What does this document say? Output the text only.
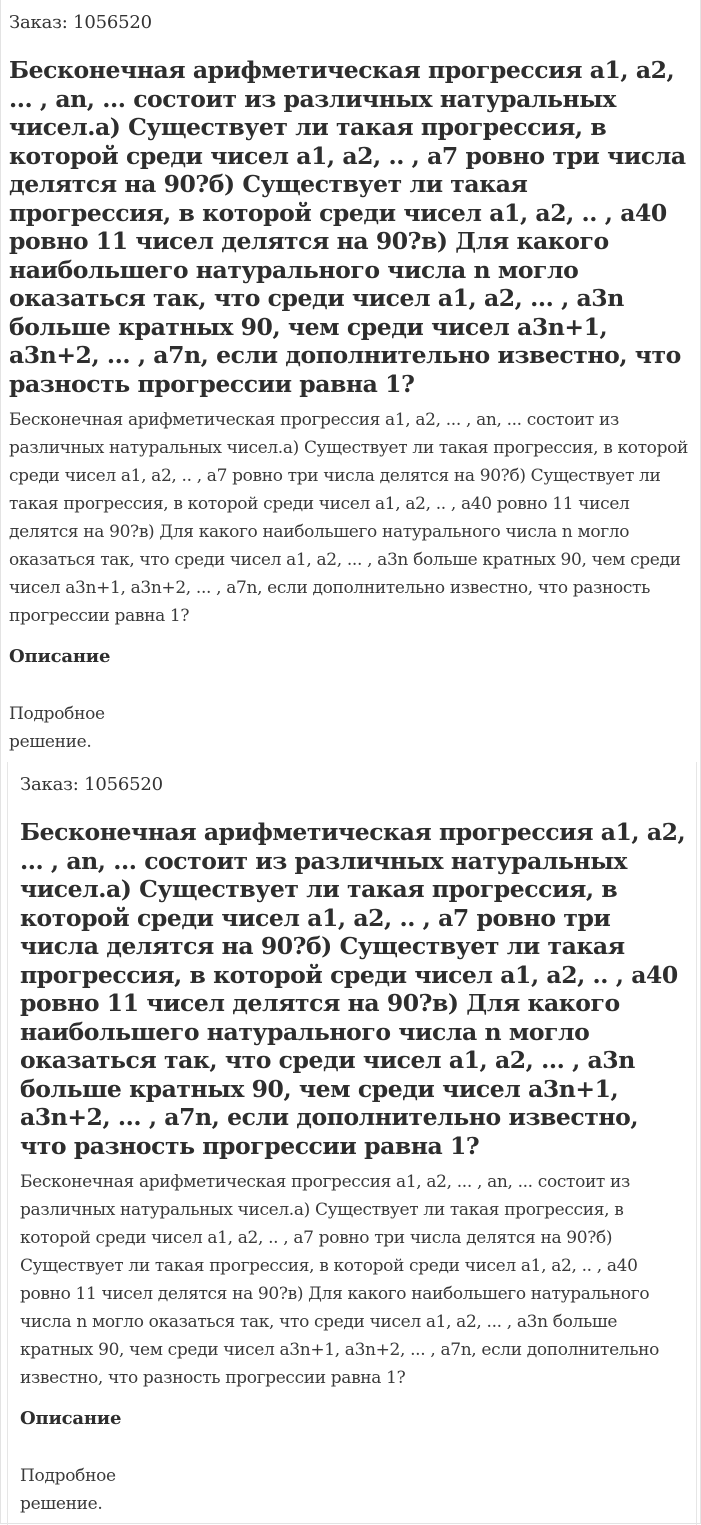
Заказ: 1056520
Бесконечная арифметическая прогрессия a1, a2, ... , an, ... состоит из различных натуральных чисел.а) Существует ли такая прогрессия, в которой среди чисел a1, a2, .. , a7 ровно три числа делятся на 90?б) Существует ли такая прогрессия, в которой среди чисел a1, a2, .. , a40 ровно 11 чисел делятся на 90?в) Для какого наибольшего натурального числа n могло оказаться так, что среди чисел a1, a2, ... , a3n больше кратных 90, чем среди чисел a3n+1, a3n+2, ... , a7n, если дополнительно известно, что разность прогрессии равна 1?

Бесконечная арифметическая прогрессия a1, a2, ... , an, ... состоит из различных натуральных чисел.а) Существует ли такая прогрессия, в которой среди чисел a1, a2, .. , a7 ровно три числа делятся на 90?б) Существует ли такая прогрессия, в которой среди чисел a1, a2, .. , a40 ровно 11 чисел делятся на 90?в) Для какого наибольшего натурального числа n могло оказаться так, что среди чисел a1, a2, ... , a3n больше кратных 90, чем среди чисел a3n+1, a3n+2, ... , a7n, если дополнительно известно, что разность прогрессии равна 1?

Описание

Подробное решение.

Заказ: 1056520
Бесконечная арифметическая прогрессия a1, a2, ... , an, ... состоит из различных натуральных чисел.а) Существует ли такая прогрессия, в которой среди чисел a1, a2, .. , a7 ровно три числа делятся на 90?б) Существует ли такая прогрессия, в которой среди чисел a1, a2, .. , a40 ровно 11 чисел делятся на 90?в) Для какого наибольшего натурального числа n могло оказаться так, что среди чисел a1, a2, ... , a3n больше кратных 90, чем среди чисел a3n+1, a3n+2, ... , a7n, если дополнительно известно, что разность прогрессии равна 1?

Бесконечная арифметическая прогрессия a1, a2, ... , an, ... состоит из различных натуральных чисел.а) Существует ли такая прогрессия, в которой среди чисел a1, a2, .. , a7 ровно три числа делятся на 90?б) Существует ли такая прогрессия, в которой среди чисел a1, a2, .. , a40 ровно 11 чисел делятся на 90?в) Для какого наибольшего натурального числа n могло оказаться так, что среди чисел a1, a2, ... , a3n больше кратных 90, чем среди чисел a3n+1, a3n+2, ... , a7n, если дополнительно известно, что разность прогрессии равна 1?

Описание

Подробное решение.
